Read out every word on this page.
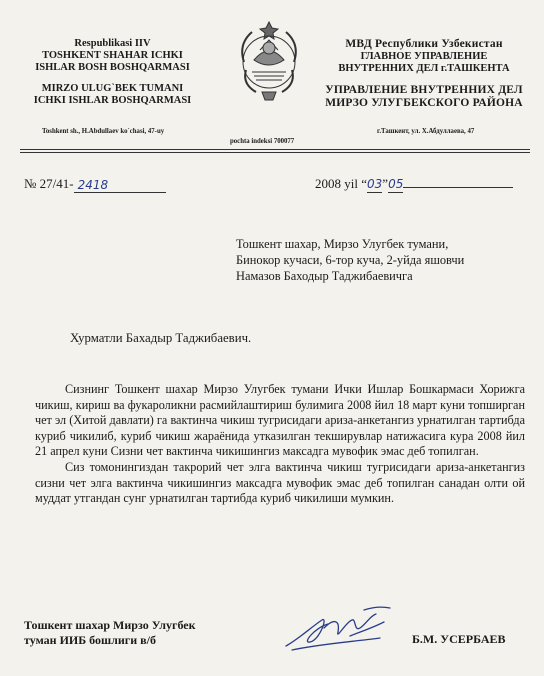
Respublikasi IIV
TOSHKENT SHAHAR ICHKI
ISHLAR BOSH BOSHQARMASI
MIRZO ULUG`BEK TUMANI
ICHKI ISHLAR BOSHQARMASI
МВД Республики Узбекистан
ГЛАВНОЕ УПРАВЛЕНИЕ
ВНУТРЕННИХ ДЕЛ г.ТАШКЕНТА
УПРАВЛЕНИЕ ВНУТРЕННИХ ДЕЛ
МИРЗО УЛУГБЕКСКОГО РАЙОНА
Toshkent sh., H.Abdullaev ko`chasi, 47-uy
pochta indeksi 700077
г.Ташкент, ул. Х.Абдуллаева, 47
№ 27/41- 2418
	2008 yil “03”05
Тошкент шахар, Мирзо Улугбек тумани,
Бинокор кучаси, 6-тор куча, 2-уйда яшовчи
Намазов Баходыр Таджибаевичга
Хурматли Бахадыр Таджибаевич.

Сизнинг Тошкент шахар Мирзо Улугбек тумани Ички Ишлар Бошкармаси Хорижга чикиш, кириш ва фукароликни расмийлаштириш булимига 2008 йил 18 март куни топширган чет эл (Хитой давлати) га вактинча чикиш тугрисидаги ариза-анкетангиз урнатилган тартибда куриб чикилиб, куриб чикиш жараёнида утказилган текширувлар натижасига кура 2008 йил 21 апрел куни Сизни чет вактинча чикишингиз максадга мувофик эмас деб топилган.

Сиз томонингиздан такрорий чет элга вактинча чикиш тугрисидаги ариза-анкетангиз сизни чет элга вактинча чикишингиз максадга мувофик эмас деб топилган санадан олти ой муддат утгандан сунг урнатилган тартибда куриб чикилиши мумкин.

Тошкент шахар Мирзо Улугбек
туман ИИБ бошлиги в/б	Б.М. УСЕРБАЕВ
